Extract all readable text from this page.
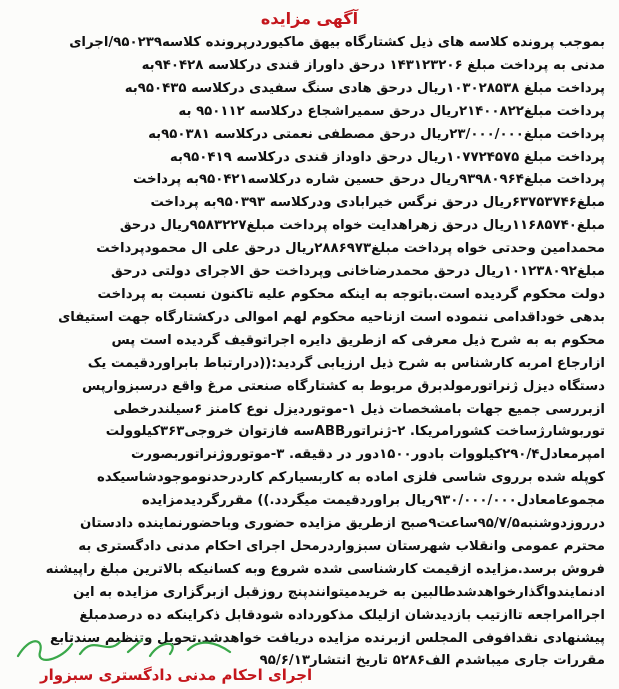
آگهی مزایده
بموجب پرونده کلاسه های ذیل کشتارگاه بیهق ماکیوردرپرونده کلاسه۹۵۰۲۳۹/اجرای
مدنی به پرداخت مبلغ ۱۴۳۱۲۳۲۰۶ درحق داوراز قندی درکلاسه ۹۴۰۴۲۸به
پرداخت مبلغ ۱۰۳۰۲۸۵۳۸ریال درحق هادی سنگ سفیدی درکلاسه ۹۵۰۴۳۵به
پرداخت مبلغ۲۱۴۰۰۸۲۲ریال درحق سمیراشجاع درکلاسه ۹۵۰۱۱۲ به
پرداخت مبلغ۲۳/۰۰۰/۰۰۰ریال درحق مصطفی نعمتی درکلاسه ۹۵۰۳۸۱به
پرداخت مبلغ ۱۰۷۷۲۴۵۷۵ریال درحق داوداز قندی درکلاسه ۹۵۰۴۱۹به
پرداخت مبلغ۹۳۹۸۰۹۶۴ریال درحق حسین شاره درکلاسه۹۵۰۴۲۱به پرداخت
مبلغ۶۳۷۵۳۷۴۶ریال درحق نرگس خیرابادی ودرکلاسه ۹۵۰۳۹۳به پرداخت
مبلغ۱۱۶۸۵۷۴۰ریال درحق زهراهدایت خواه پرداخت مبلغ۹۵۸۳۲۲۷ریال درحق
محمدامین وحدتی خواه پرداخت مبلغ۲۸۸۶۹۷۳ریال درحق علی ال محمودپرداخت
مبلغ۱۰۱۲۳۸۰۹۲ریال درحق محمدرضاخانی وپرداخت حق الاجرای دولتی درحق
دولت محکوم گردیده است.باتوجه به اینکه محکوم علیه تاکنون نسبت به پرداخت
بدهی خوداقدامی ننموده است ازناحیه محکوم لهم اموالی درکشتارگاه جهت استیفای
محکوم به به شرح ذیل معرفی که ازطریق دایره اجراتوقیف گردیده است پس
ازارجاع امربه کارشناس به شرح ذیل ارزیابی گردید:((درارتباط بابراوردقیمت یک
دستگاه دیزل ژنراتورمولدبرق مربوط به کشتارگاه صنعتی مرغ واقع درسبزوارپس
ازبررسی جمیع جهات بامشخصات ذیل ۱-موتوردیزل نوع کامنز ۶سیلندرخطی
توربوشارژساخت کشورامریکا. ۲-ژنراتورABBسه فازتوان خروجی۳۶۳کیلوولت
امپرمعادل۲۹۰/۴کیلووات بادور۱۵۰۰دور در دقیقه. ۳-موتوروژنراتوربصورت
کوپله شده برروی شاسی فلزی اماده به کاربسیارکم کاردرحدنوموجودشاسیکده
مجموعامعادل۹۳۰/۰۰۰/۰۰۰ریال براوردقیمت میگردد.)) مقررگردیدمزایده
درروزدوشنبه۹۵/۷/۵ساعت۹صبح ازطریق مزایده حضوری وباحضورنماینده دادستان
محترم عمومی وانقلاب شهرستان سبزواردرمحل اجرای احکام مدنی دادگستری به
فروش برسد.مزایده ازقیمت کارشناسی شده شروع وبه کسانیکه بالاترین مبلغ راپیشنه
ادنمایندواگذارخواهدشدطالبین به خریدمیتوانندپنج روزقبل ازبرگزاری مزایده به این
اجراامراجعه تاازتیب بازدیدشان ازلیلک مذکورداده شودقابل ذکراینکه ده درصدمبلغ
پیشنهادی نقدافوفی المجلس ازبرنده مزایده دریافت خواهدشد.تحویل وتنظیم سندتابع
مقررات جاری میباشدم الف۵۲۸۶ تاریخ انتشار۹۵/۶/۱۳
اجرای احکام مدنی دادگستری سبزوار
